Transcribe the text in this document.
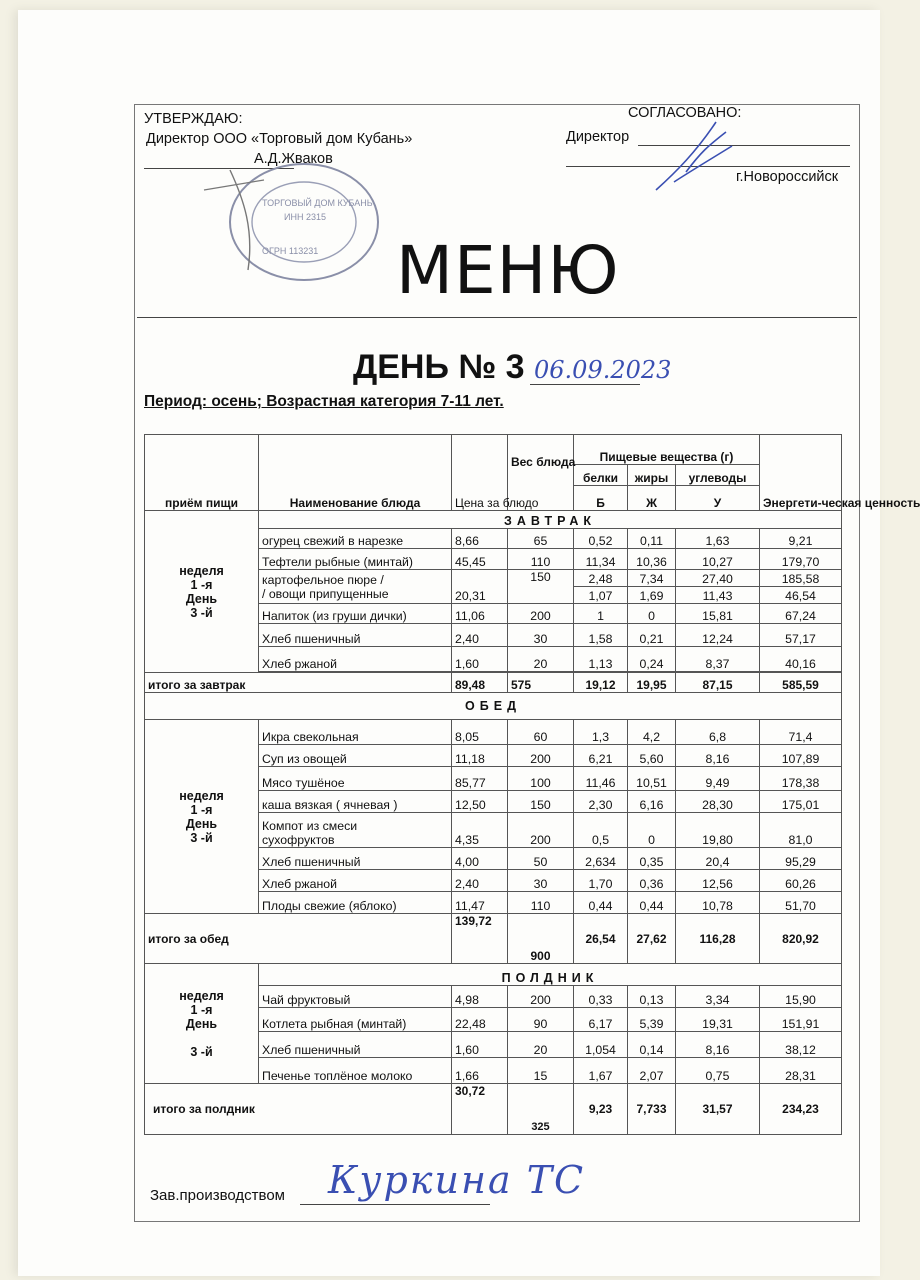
УТВЕРЖДАЮ:
Директор ООО «Торговый дом Кубань»
А.Д.Жваков
СОГЛАСОВАНО:
Директор
г.Новороссийск
ТОРГОВЫЙ ДОМ КУБАНЬ
ИНН 2315
ОГРН 113231 МЕНЮ
ДЕНЬ № 3 06.09.2023
Период: осень; Возрастная категория 7-11 лет.
приём пищи	Наименование блюда	Цена за блюдо	Вес блюда	Пищевые вещества (г)			Энергети-ческая ценность
				белки	жиры	углеводы	
				Б	Ж	У	
неделя
1 -я
День
3 -й	ЗАВТРАК						
	огурец свежий в нарезке	8,66	65	0,52	0,11	1,63	9,21
	Тефтели рыбные (минтай)	45,45	110	11,34	10,36	10,27	179,70
	картофельное пюре /
/ овощи припущенные	20,31	150	2,48	7,34	27,40	185,58
				1,07	1,69	11,43	46,54
	Напиток (из груши дички)	11,06	200	1	0	15,81	67,24
	Хлеб пшеничный	2,40	30	1,58	0,21	12,24	57,17
	Хлеб ржаной	1,60	20	1,13	0,24	8,37	40,16

итого за завтрак		89,48	575	19,12	19,95	87,15	585,59
ОБЕД							
неделя
1 -я
День
3 -й	Икра свекольная	8,05	60	1,3	4,2	6,8	71,4
	Суп из овощей	11,18	200	6,21	5,60	8,16	107,89
	Мясо тушёное	85,77	100	11,46	10,51	9,49	178,38
	каша вязкая ( ячневая )	12,50	150	2,30	6,16	28,30	175,01
	Компот из смеси
сухофруктов	4,35	200	0,5	0	19,80	81,0
	Хлеб пшеничный	4,00	50	2,634	0,35	20,4	95,29
	Хлеб ржаной	2,40	30	1,70	0,36	12,56	60,26
	Плоды свежие (яблоко)	11,47	110	0,44	0,44	10,78	51,70
итого за обед		139,72	900	26,54	27,62	116,28	820,92
неделя
1 -я
День

3 -й	ПОЛДНИК						
	Чай фруктовый	4,98	200	0,33	0,13	3,34	15,90
	Котлета рыбная (минтай)	22,48	90	6,17	5,39	19,31	151,91
	Хлеб пшеничный	1,60	20	1,054	0,14	8,16	38,12
	Печенье топлёное молоко	1,66	15	1,67	2,07	0,75	28,31
итого за полдник		30,72	325	9,23	7,733	31,57	234,23
Зав.производством Куркина ТС
